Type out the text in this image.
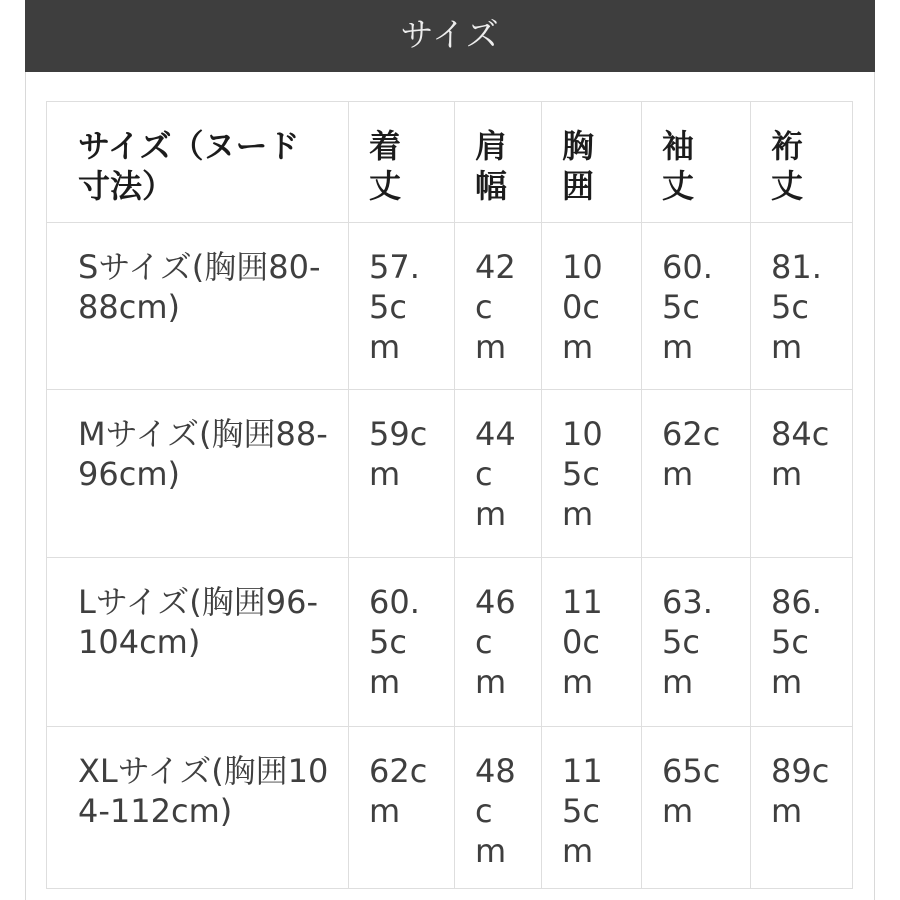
サイズ
サイズ（ヌード寸法）	着丈	肩幅	胸囲	袖丈	裄丈
Sサイズ(胸囲80-88cm)	57.5cm	42cm	100cm	60.5cm	81.5cm
Mサイズ(胸囲88-96cm)	59cm	44cm	105cm	62cm	84cm
Lサイズ(胸囲96-104cm)	60.5cm	46cm	110cm	63.5cm	86.5cm
XLサイズ(胸囲104-112cm)	62cm	48cm	115cm	65cm	89cm
